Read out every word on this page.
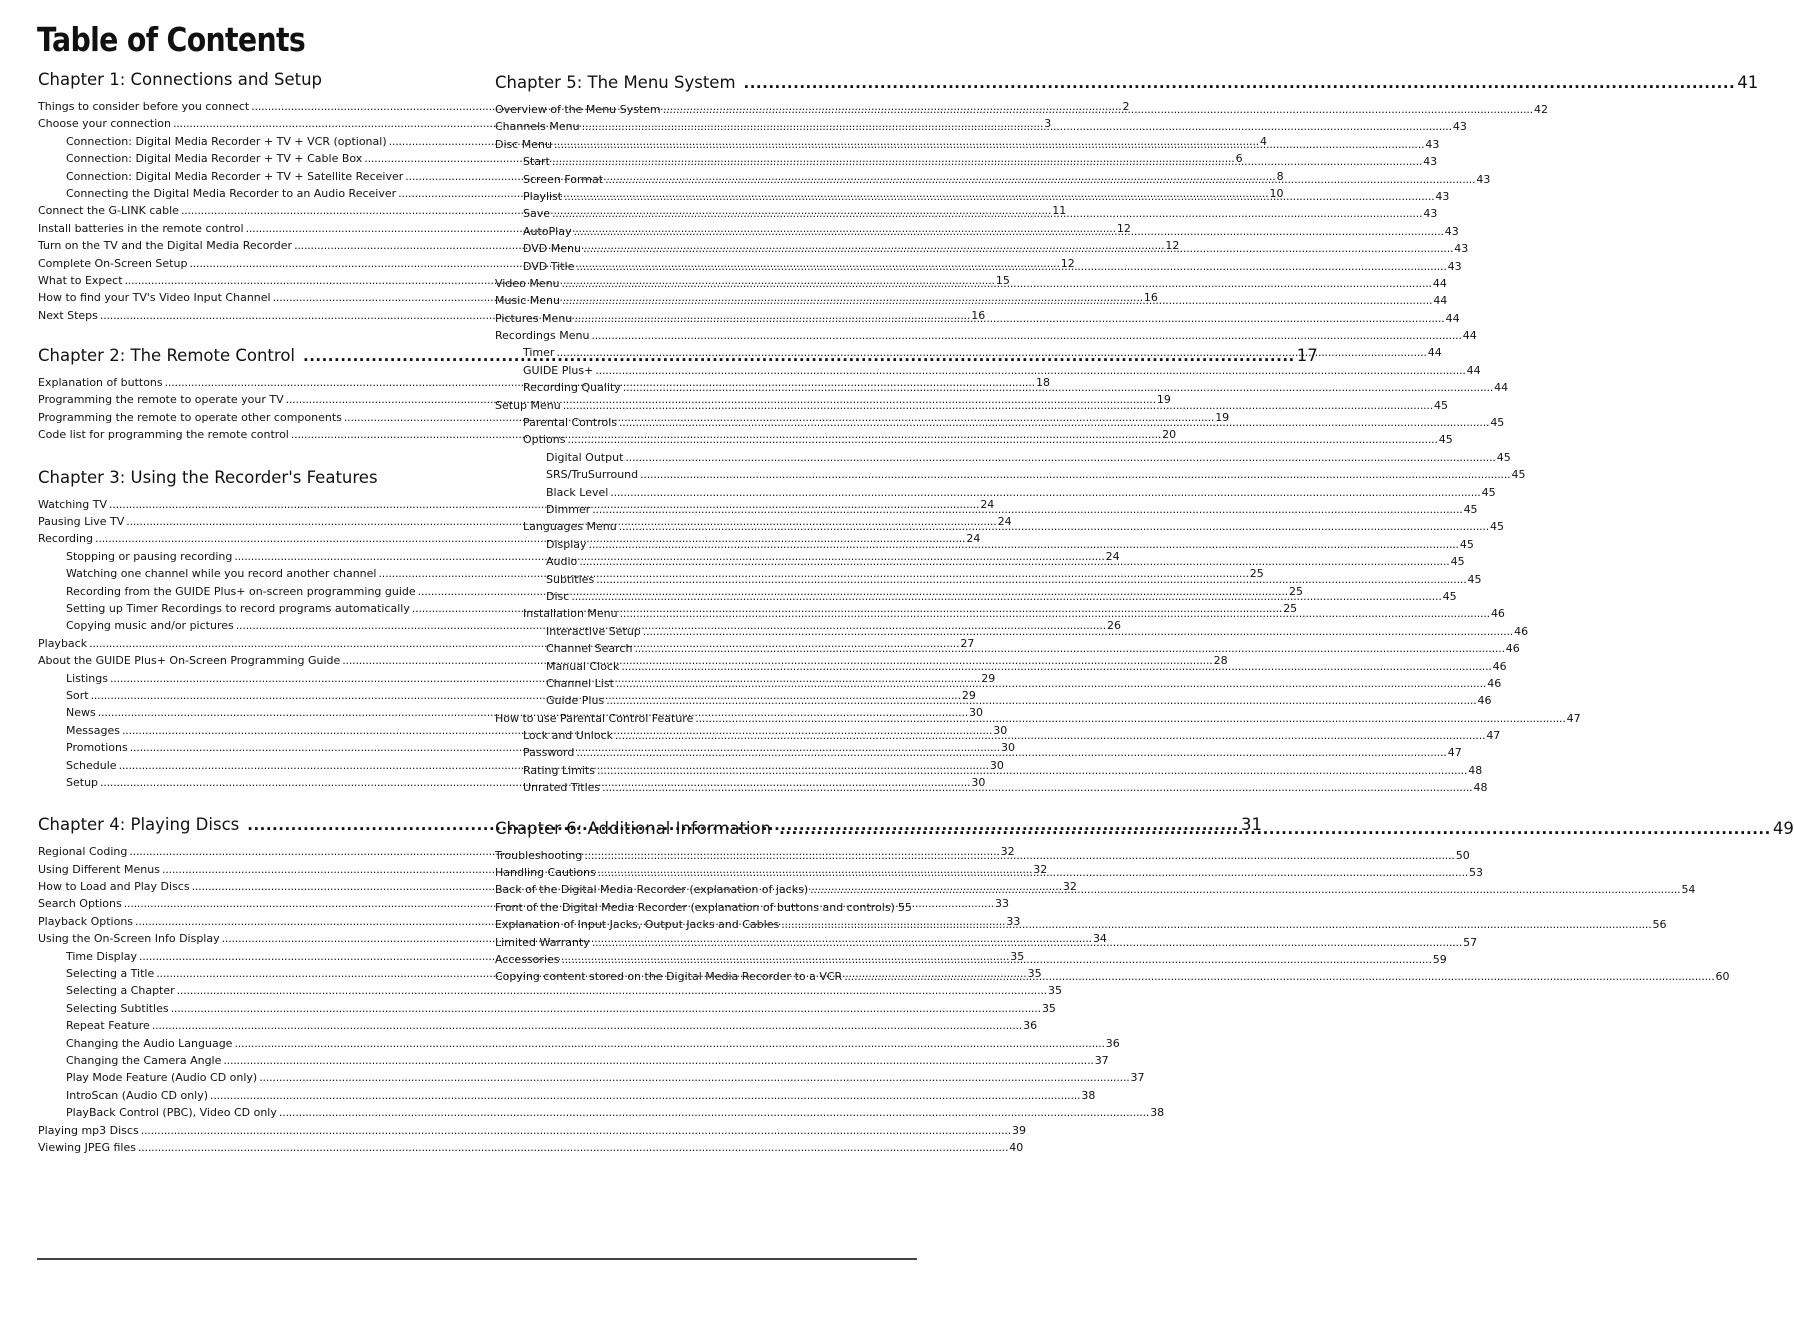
Table of Contents
Chapter 1: Connections and Setup
Things to consider before you connect .....	2
Choose your connection .....	3
Connection: Digital Media Recorder + TV + VCR (optional) .....	4
Connection: Digital Media Recorder + TV + Cable Box .....	6
Connection: Digital Media Recorder + TV + Satellite Receiver .....	8
Connecting the Digital Media Recorder to an Audio Receiver .....	10
Connect the G-LINK cable .....	11
Install batteries in the remote control .....	12
Turn on the TV and the Digital Media Recorder .....	12
Complete On-Screen Setup .....	12
What to Expect .....	15
How to find your TV's Video Input Channel .....	16
Next Steps .....	16
Chapter 2: The Remote Control .....	17
Explanation of buttons .....	18
Programming the remote to operate your TV .....	19
Programming the remote to operate other components .....	19
Code list for programming the remote control .....	20
Chapter 3: Using the Recorder's Features
Watching TV .....	24
Pausing Live TV .....	24
Recording .....	24
Stopping or pausing recording .....	24
Watching one channel while you record another channel .....	25
Recording from the GUIDE Plus+ on-screen programming guide .....	25
Setting up Timer Recordings to record programs automatically .....	25
Copying music and/or pictures .....	26
Playback .....	27
About the GUIDE Plus+ On-Screen Programming Guide .....	28
Listings .....	29
Sort .....	29
News .....	30
Messages .....	30
Promotions .....	30
Schedule .....	30
Setup .....	30
Chapter 4: Playing Discs .....	31
Regional Coding .....	32
Using Different Menus .....	32
How to Load and Play Discs .....	32
Search Options .....	33
Playback Options .....	33
Using the On-Screen Info Display .....	34
Time Display .....	35
Selecting a Title .....	35
Selecting a Chapter .....	35
Selecting Subtitles .....	35
Repeat Feature .....	36
Changing the Audio Language .....	36
Changing the Camera Angle .....	37
Play Mode Feature (Audio CD only) .....	37
IntroScan (Audio CD only) .....	38
PlayBack Control (PBC), Video CD only .....	38
Playing mp3 Discs .....	39
Viewing JPEG files .....	40
Chapter 5: The Menu System .....	41
Overview of the Menu System .....	42
Channels Menu .....	43
Disc Menu .....	43
Start .....	43
Screen Format .....	43
Playlist .....	43
Save .....	43
AutoPlay .....	43
DVD Menu .....	43
DVD Title .....	43
Video Menu .....	44
Music Menu .....	44
Pictures Menu .....	44
Recordings Menu .....	44
Timer .....	44
GUIDE Plus+ .....	44
Recording Quality .....	44
Setup Menu .....	45
Parental Controls .....	45
Options .....	45
Digital Output .....	45
SRS/TruSurround .....	45
Black Level .....	45
Dimmer .....	45
Languages Menu .....	45
Display .....	45
Audio .....	45
Subtitles .....	45
Disc .....	45
Installation Menu .....	46
Interactive Setup .....	46
Channel Search .....	46
Manual Clock .....	46
Channel List .....	46
Guide Plus .....	46
How to use Parental Control Feature .....	47
Lock and Unlock .....	47
Password .....	47
Rating Limits .....	48
Unrated Titles .....	48
Chapter 6: Additional Information .....	49
Troubleshooting .....	50
Handling Cautions .....	53
Back of the Digital Media Recorder (explanation of jacks) .....	54
Front of the Digital Media Recorder (explanation of buttons and controls) 55
Explanation of Input Jacks, Output Jacks and Cables .....	56
Limited Warranty .....	57
Accessories .....	59
Copying content stored on the Digital Media Recorder to a VCR .....	60
